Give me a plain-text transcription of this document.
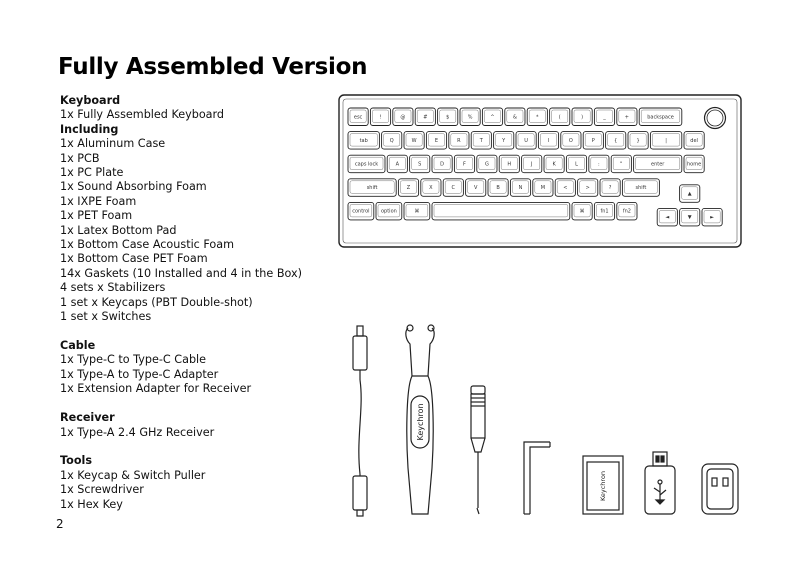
Fully Assembled Version
Keyboard
1x Fully Assembled Keyboard
Including
1x Aluminum Case
1x PCB
1x PC Plate
1x Sound Absorbing Foam
1x IXPE Foam
1x PET Foam
1x Latex Bottom Pad
1x Bottom Case Acoustic Foam
1x Bottom Case PET Foam
14x Gaskets (10 Installed and 4 in the Box)
4 sets x Stabilizers
1 set x Keycaps (PBT Double-shot)
1 set x Switches
Cable
1x Type-C to Type-C Cable
1x Type-A to Type-C Adapter
1x Extension Adapter for Receiver
Receiver
1x Type-A 2.4 GHz Receiver
Tools
1x Keycap & Switch Puller
1x Screwdriver
1x Hex Key
esc	!	@	#	$	%	^	&	*	(	)	_	+	backspace
tab	Q	W	E	R	T	Y	U	I	O	P	{	}	|	del
caps lock	A	S	D	F	G	H	J	K	L	:	"	enter	home
shift	Z	X	C	V	B	N	M	<	>	?	shift
▲
control option	⌘	⌘	fn1	fn2
◄	▼	►
Keychron
Keychron
2
